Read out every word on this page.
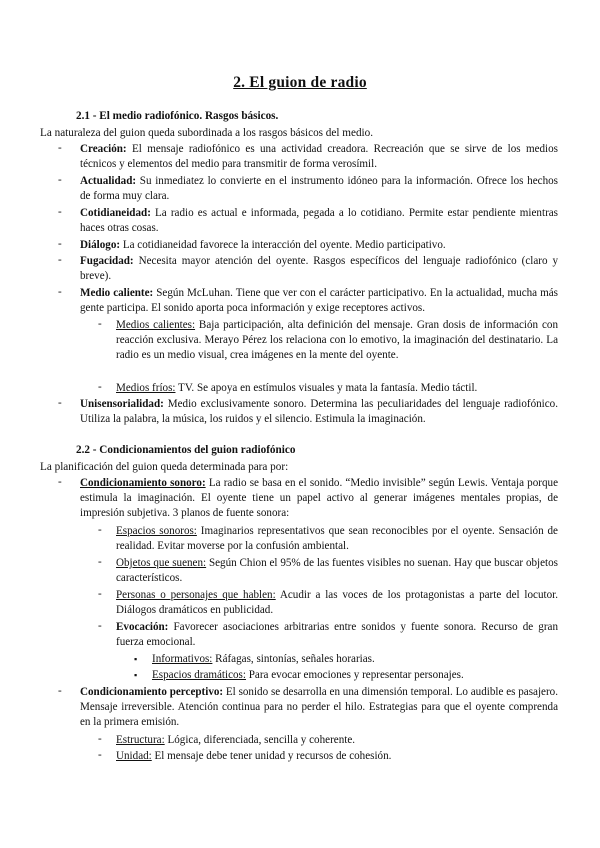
2. El guion de radio
2.1 - El medio radiofónico. Rasgos básicos.
La naturaleza del guion queda subordinada a los rasgos básicos del medio.
- Creación: El mensaje radiofónico es una actividad creadora. Recreación que se sirve de los medios técnicos y elementos del medio para transmitir de forma verosímil.
- Actualidad: Su inmediatez lo convierte en el instrumento idóneo para la información. Ofrece los hechos de forma muy clara.
- Cotidianeidad: La radio es actual e informada, pegada a lo cotidiano. Permite estar pendiente mientras haces otras cosas.
- Diálogo: La cotidianeidad favorece la interacción del oyente. Medio participativo.
- Fugacidad: Necesita mayor atención del oyente. Rasgos específicos del lenguaje radiofónico (claro y breve).
- Medio caliente: Según McLuhan. Tiene que ver con el carácter participativo. En la actualidad, mucha más gente participa. El sonido aporta poca información y exige receptores activos.
- Medios calientes: Baja participación, alta definición del mensaje. Gran dosis de información con reacción exclusiva. Merayo Pérez los relaciona con lo emotivo, la imaginación del destinatario. La radio es un medio visual, crea imágenes en la mente del oyente.
- Medios fríos: TV. Se apoya en estímulos visuales y mata la fantasía. Medio táctil.
- Unisensorialidad: Medio exclusivamente sonoro. Determina las peculiaridades del lenguaje radiofónico. Utiliza la palabra, la música, los ruidos y el silencio. Estimula la imaginación.
2.2 - Condicionamientos del guion radiofónico
La planificación del guion queda determinada para por:
- Condicionamiento sonoro: La radio se basa en el sonido. “Medio invisible” según Lewis. Ventaja porque estimula la imaginación. El oyente tiene un papel activo al generar imágenes mentales propias, de impresión subjetiva. 3 planos de fuente sonora:
- Espacios sonoros: Imaginarios representativos que sean reconocibles por el oyente. Sensación de realidad. Evitar moverse por la confusión ambiental.
- Objetos que suenen: Según Chion el 95% de las fuentes visibles no suenan. Hay que buscar objetos característicos.
- Personas o personajes que hablen: Acudir a las voces de los protagonistas a parte del locutor. Diálogos dramáticos en publicidad.
- Evocación: Favorecer asociaciones arbitrarias entre sonidos y fuente sonora. Recurso de gran fuerza emocional.
▪ Informativos: Ráfagas, sintonías, señales horarias.
▪ Espacios dramáticos: Para evocar emociones y representar personajes.
- Condicionamiento perceptivo: El sonido se desarrolla en una dimensión temporal. Lo audible es pasajero. Mensaje irreversible. Atención continua para no perder el hilo. Estrategias para que el oyente comprenda en la primera emisión.
- Estructura: Lógica, diferenciada, sencilla y coherente.
- Unidad: El mensaje debe tener unidad y recursos de cohesión.
